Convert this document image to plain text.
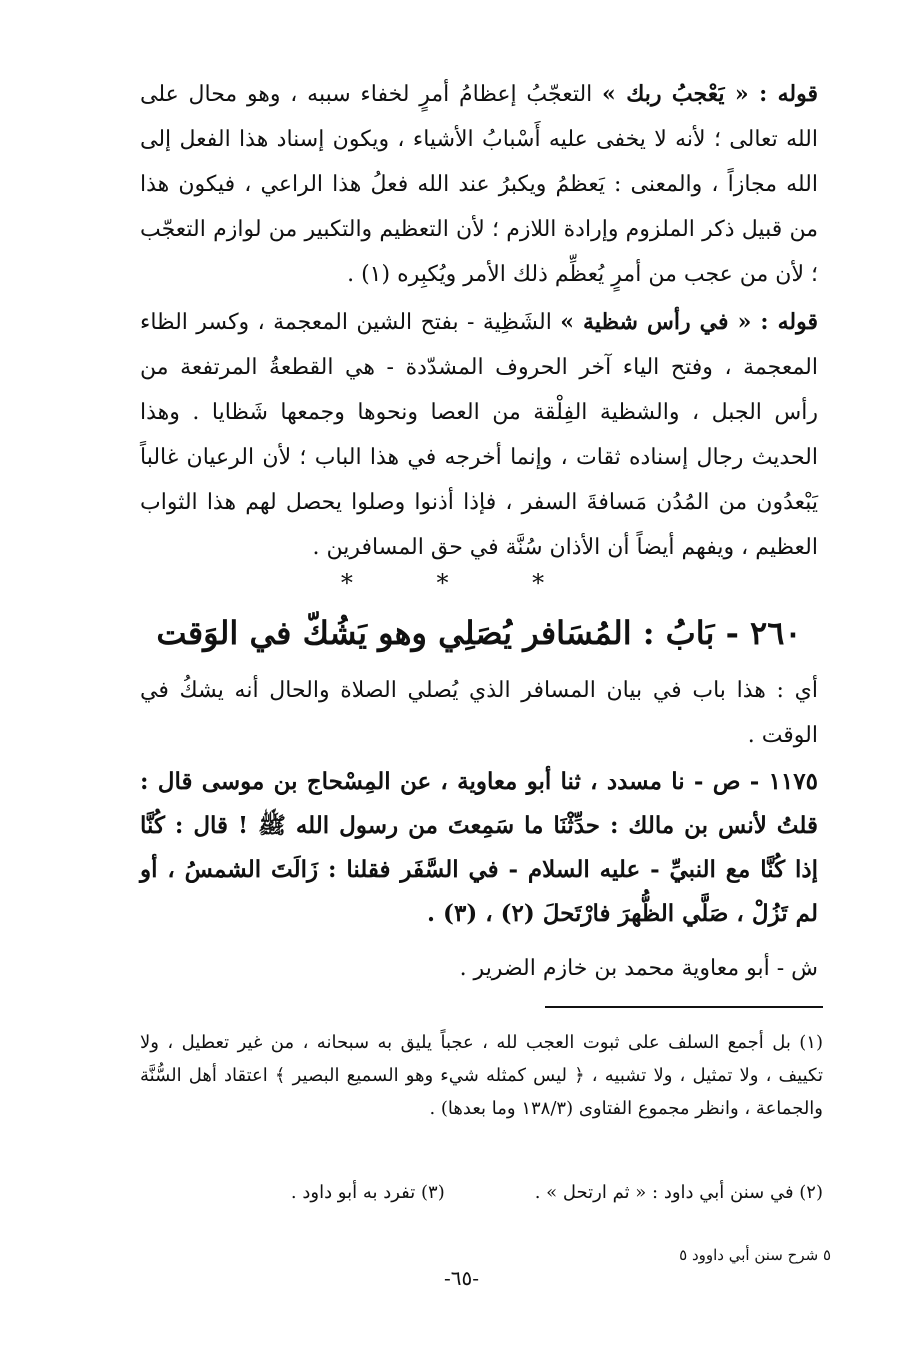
قوله : « يَعْجبُ ربك » التعجّبُ إعظامُ أمرٍ لخفاء سببه ، وهو محال على الله تعالى ؛ لأنه لا يخفى عليه أَسْبابُ الأشياء ، ويكون إسناد هذا الفعل إلى الله مجازاً ، والمعنى : يَعظمُ ويكبرُ عند الله فعلُ هذا الراعي ، فيكون هذا من قبيل ذكر الملزوم وإرادة اللازم ؛ لأن التعظيم والتكبير من لوازم التعجّب ؛ لأن من عجب من أمرٍ يُعظِّم ذلك الأمر ويُكبِره (١) .

قوله : « في رأس شظية » الشَظِية - بفتح الشين المعجمة ، وكسر الظاء المعجمة ، وفتح الياء آخر الحروف المشدّدة - هي القطعةُ المرتفعة من رأس الجبل ، والشظية الفِلْقة من العصا ونحوها وجمعها شَظايا . وهذا الحديث رجال إسناده ثقات ، وإنما أخرجه في هذا الباب ؛ لأن الرعيان غالباً يَبْعدُون من المُدُن مَسافةَ السفر ، فإذا أذنوا وصلوا يحصل لهم هذا الثواب العظيم ، ويفهم أيضاً أن الأذان سُنَّة في حق المسافرين .

* * *
٢٦٠ - بَابُ : المُسَافر يُصَلِي وهو يَشُكّ في الوَقت

أي : هذا باب في بيان المسافر الذي يُصلي الصلاة والحال أنه يشكُ في الوقت .

١١٧٥ - ص - نا مسدد ، ثنا أبو معاوية ، عن المِسْحاج بن موسى قال : قلتُ لأنس بن مالك : حدِّثْنَا ما سَمِعتَ من رسول الله ﷺ ! قال : كُنَّا إذا كُنَّا مع النبيِّ - عليه السلام - في السَّفَر فقلنا : زَالَتَ الشمسُ ، أو لم تَزُلْ ، صَلَّي الظُّهرَ فارْتَحلَ (٢) ، (٣) .

ش - أبو معاوية محمد بن خازم الضرير .

(١) بل أجمع السلف على ثبوت العجب لله ، عجباً يليق به سبحانه ، من غير تعطيل ، ولا تكييف ، ولا تمثيل ، ولا تشبيه ، ﴿ ليس كمثله شيء وهو السميع البصير ﴾ اعتقاد أهل السُّنَّة والجماعة ، وانظر مجموع الفتاوى (١٣٨/٣ وما بعدها) .

(٢) في سنن أبي داود : « ثم ارتحل » .
(٣) تفرد به أبو داود .
٥ شرح سنن أبي داوود ٥
-٦٥-
